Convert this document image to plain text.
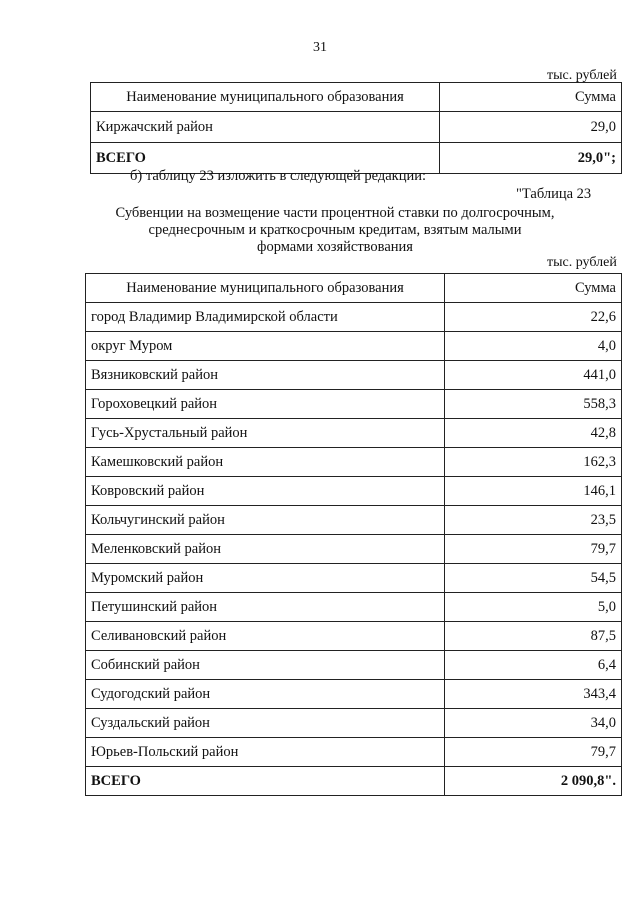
31
тыс. рублей
Наименование муниципального образования	Сумма
Киржачский район	29,0
ВСЕГО	29,0";
б) таблицу 23 изложить в следующей редакции:
"Таблица 23
Субвенции на возмещение части процентной ставки по долгосрочным,
среднесрочным и краткосрочным кредитам, взятым малыми
формами хозяйствования
тыс. рублей
Наименование муниципального образования	Сумма
город Владимир Владимирской области	22,6
округ Муром	4,0
Вязниковский район	441,0
Гороховецкий район	558,3
Гусь-Хрустальный район	42,8
Камешковский район	162,3
Ковровский район	146,1
Кольчугинский район	23,5
Меленковский район	79,7
Муромский район	54,5
Петушинский район	5,0
Селивановский район	87,5
Собинский район	6,4
Судогодский район	343,4
Суздальский район	34,0
Юрьев-Польский район	79,7
ВСЕГО	2 090,8".
